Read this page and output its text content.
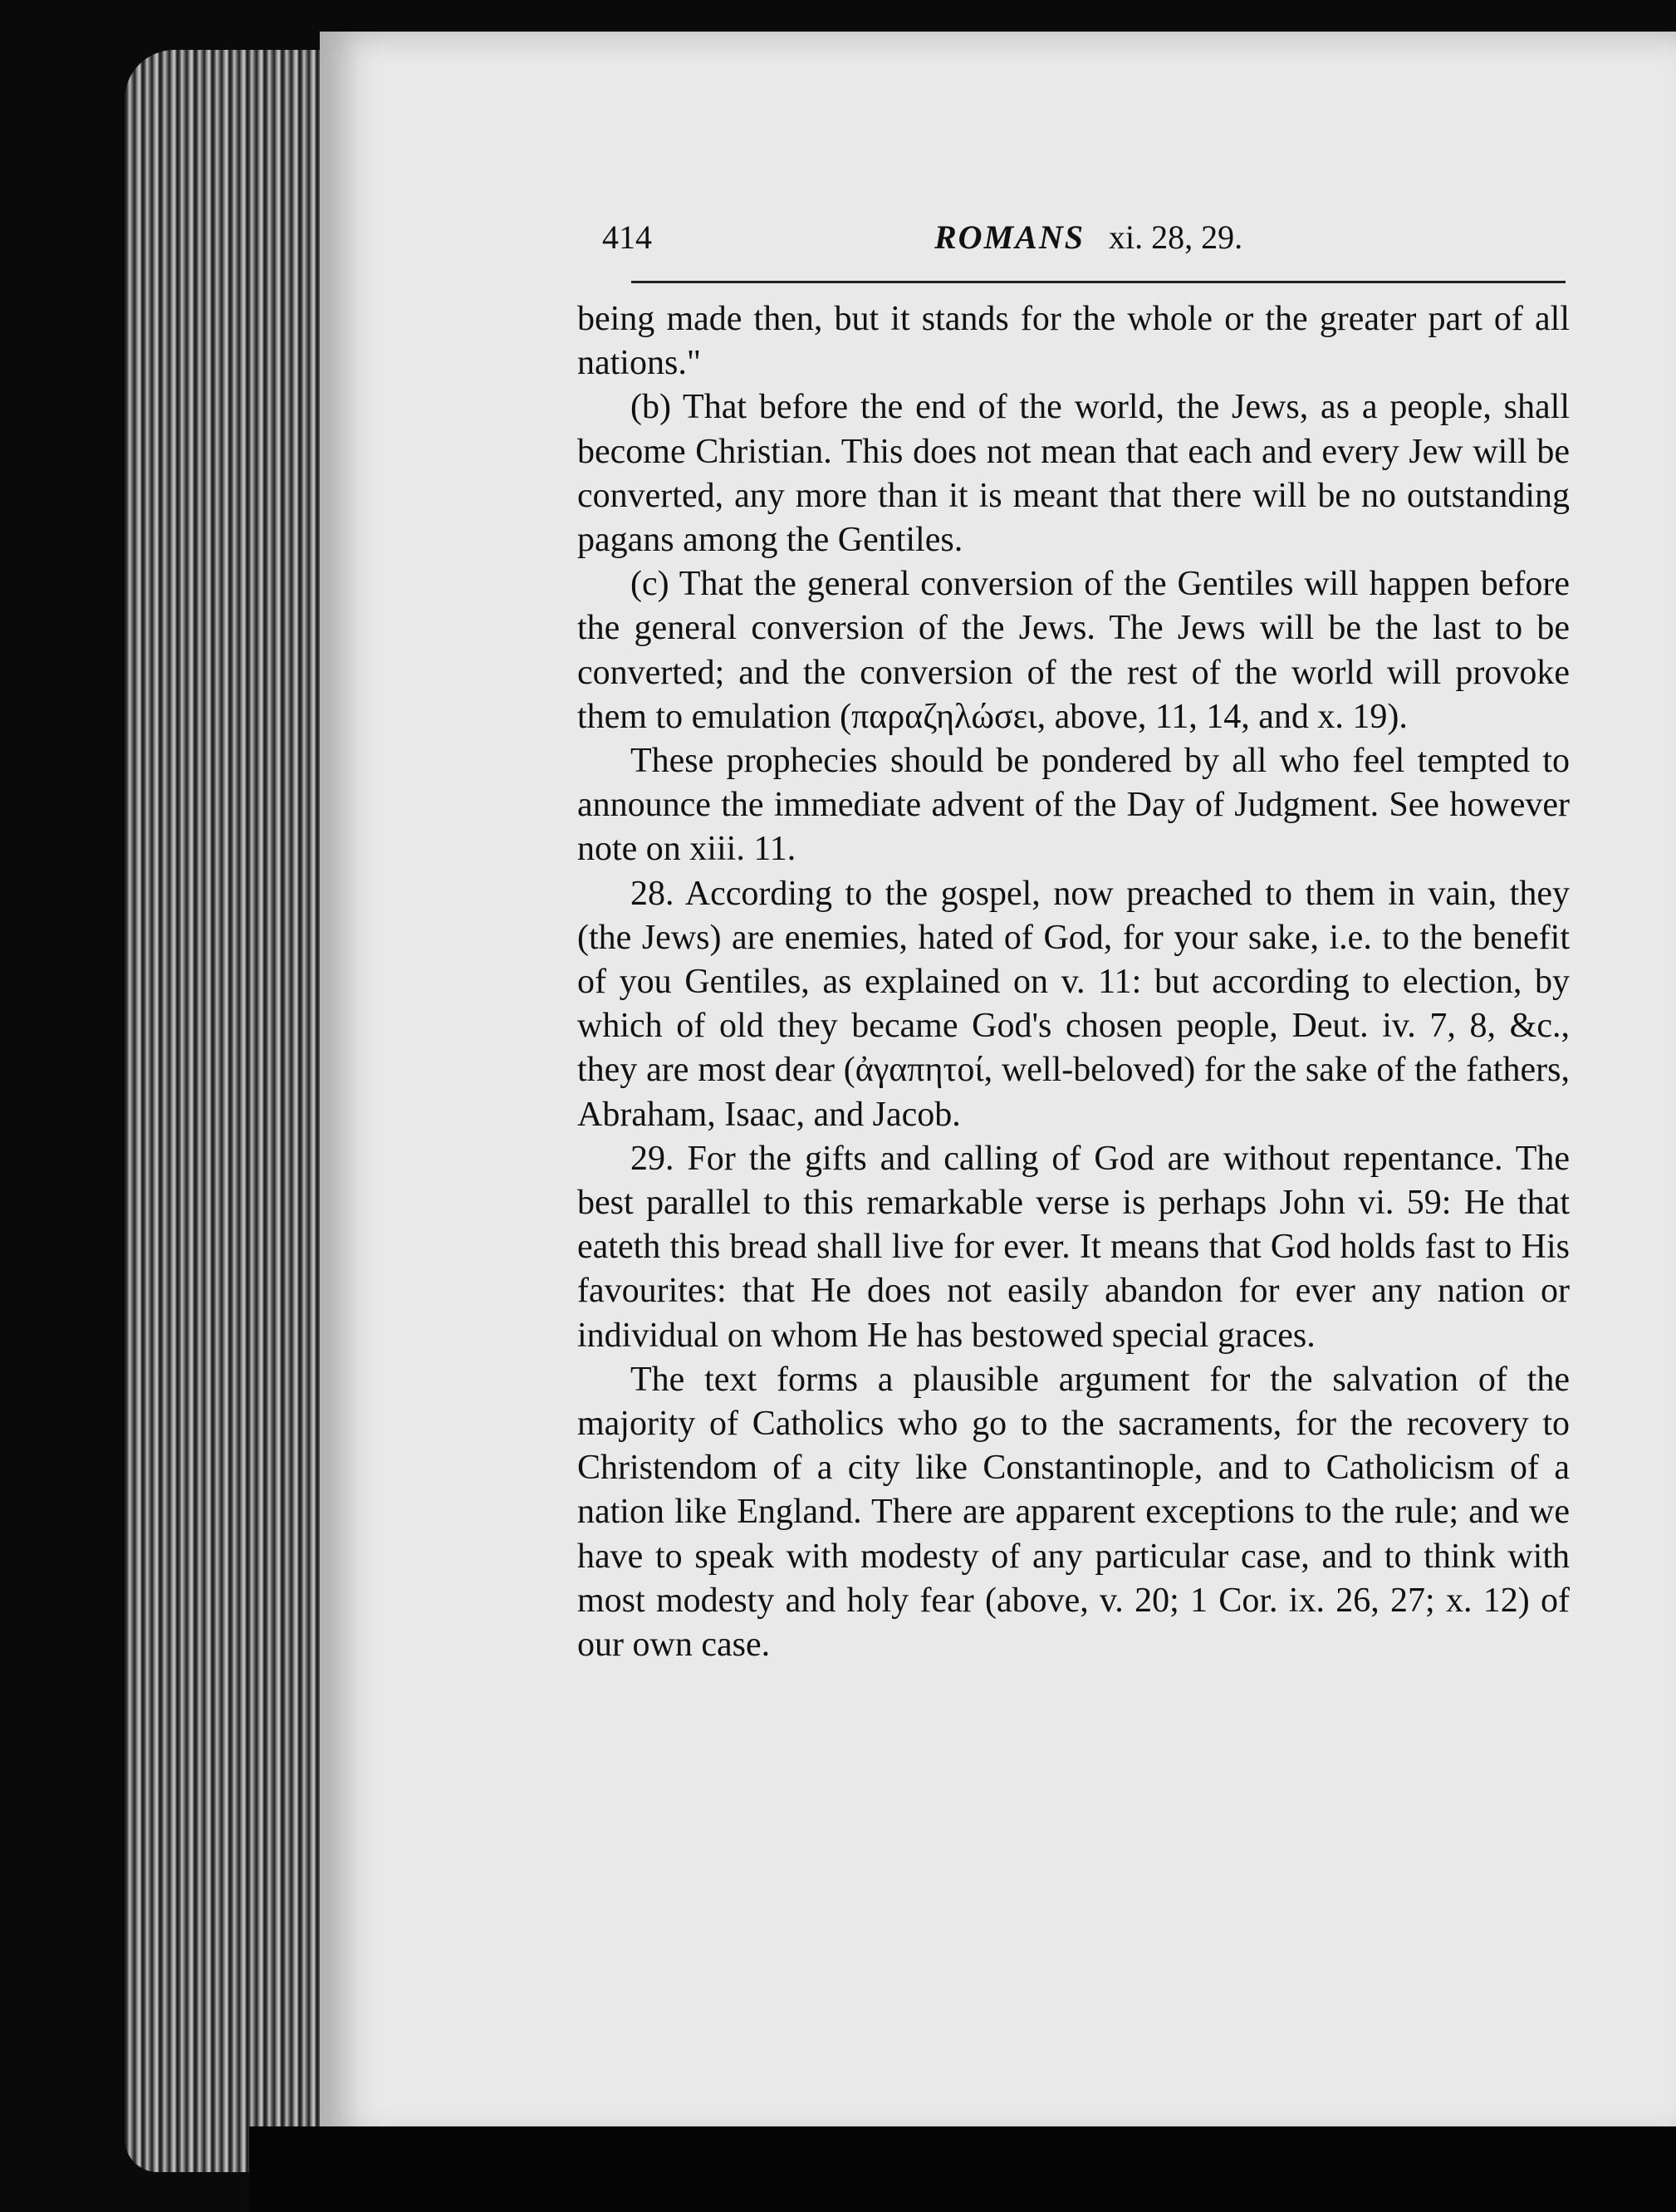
414	ROMANS xi. 28, 29.

being made then, but it stands for the whole or the greater part of all nations."

(b) That before the end of the world, the Jews, as a people, shall become Christian. This does not mean that each and every Jew will be converted, any more than it is meant that there will be no outstanding pagans among the Gentiles.

(c) That the general conversion of the Gentiles will happen before the general conversion of the Jews. The Jews will be the last to be converted; and the conversion of the rest of the world will provoke them to emulation (παραζηλώσει, above, 11, 14, and x. 19).

These prophecies should be pondered by all who feel tempted to announce the immediate advent of the Day of Judgment. See however note on xiii. 11.

28. According to the gospel, now preached to them in vain, they (the Jews) are enemies, hated of God, for your sake, i.e. to the benefit of you Gentiles, as explained on v. 11: but according to election, by which of old they became God's chosen people, Deut. iv. 7, 8, &c., they are most dear (ἀγαπητοί, well-beloved) for the sake of the fathers, Abraham, Isaac, and Jacob.

29. For the gifts and calling of God are without repentance. The best parallel to this remarkable verse is perhaps John vi. 59: He that eateth this bread shall live for ever. It means that God holds fast to His favourites: that He does not easily abandon for ever any nation or individual on whom He has bestowed special graces.

The text forms a plausible argument for the salvation of the majority of Catholics who go to the sacraments, for the recovery to Christendom of a city like Constantinople, and to Catholicism of a nation like England. There are apparent exceptions to the rule; and we have to speak with modesty of any particular case, and to think with most modesty and holy fear (above, v. 20; 1 Cor. ix. 26, 27; x. 12) of our own case.
